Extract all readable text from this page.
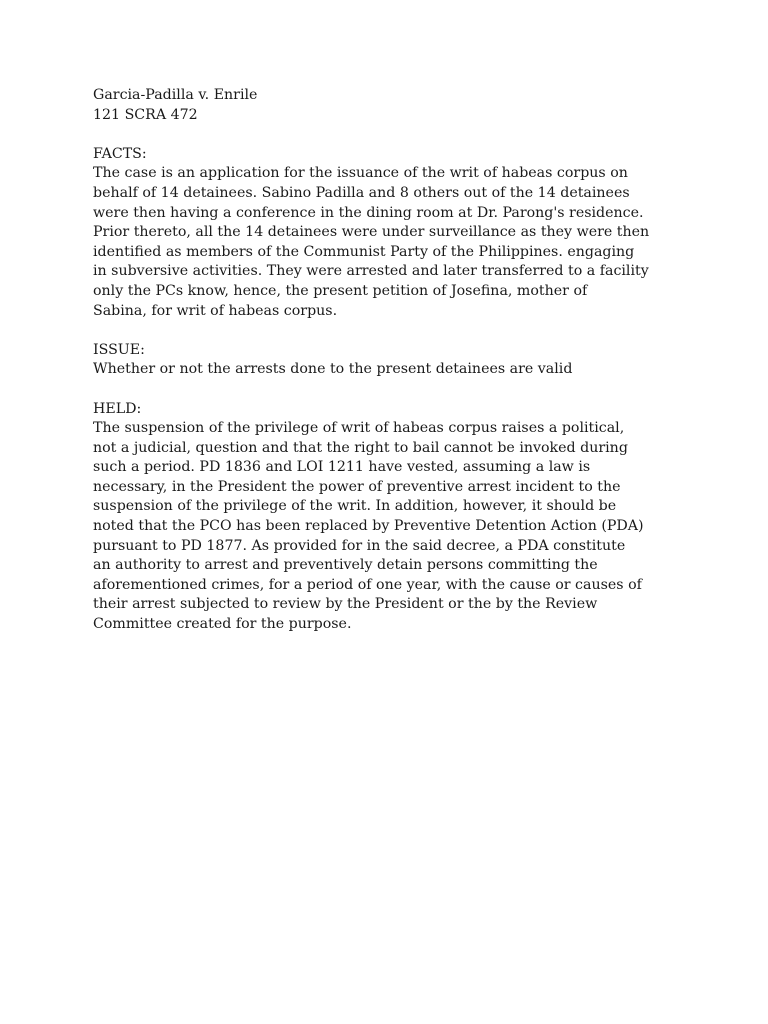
Garcia-Padilla v. Enrile
121 SCRA 472
FACTS:
The case is an application for the issuance of the writ of habeas corpus on
behalf of 14 detainees. Sabino Padilla and 8 others out of the 14 detainees
were then having a conference in the dining room at Dr. Parong's residence.
Prior thereto, all the 14 detainees were under surveillance as they were then
identified as members of the Communist Party of the Philippines. engaging
in subversive activities. They were arrested and later transferred to a facility
only the PCs know, hence, the present petition of Josefina, mother of
Sabina, for writ of habeas corpus.
ISSUE:
Whether or not the arrests done to the present detainees are valid
HELD:
The suspension of the privilege of writ of habeas corpus raises a political,
not a judicial, question and that the right to bail cannot be invoked during
such a period. PD 1836 and LOI 1211 have vested, assuming a law is
necessary, in the President the power of preventive arrest incident to the
suspension of the privilege of the writ. In addition, however, it should be
noted that the PCO has been replaced by Preventive Detention Action (PDA)
pursuant to PD 1877. As provided for in the said decree, a PDA constitute
an authority to arrest and preventively detain persons committing the
aforementioned crimes, for a period of one year, with the cause or causes of
their arrest subjected to review by the President or the by the Review
Committee created for the purpose.
